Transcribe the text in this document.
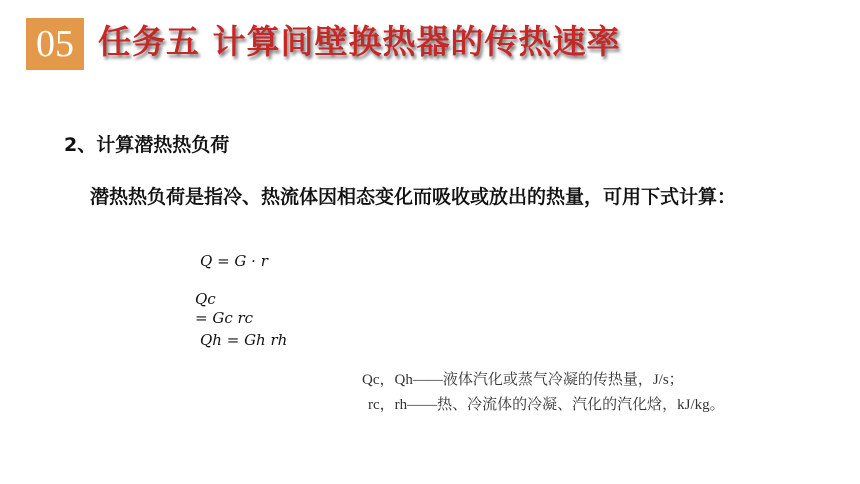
05 任务五 计算间壁换热器的传热速率
2、计算潜热热负荷
潜热热负荷是指冷、热流体因相态变化而吸收或放出的热量，可用下式计算：
Q = G · r
Qc
= Gc rc
Qh = Gh rh
Qc，Qh——液体汽化或蒸气冷凝的传热量，J/s；
rc，rh——热、冷流体的冷凝、汽化的汽化焓，kJ/kg。
